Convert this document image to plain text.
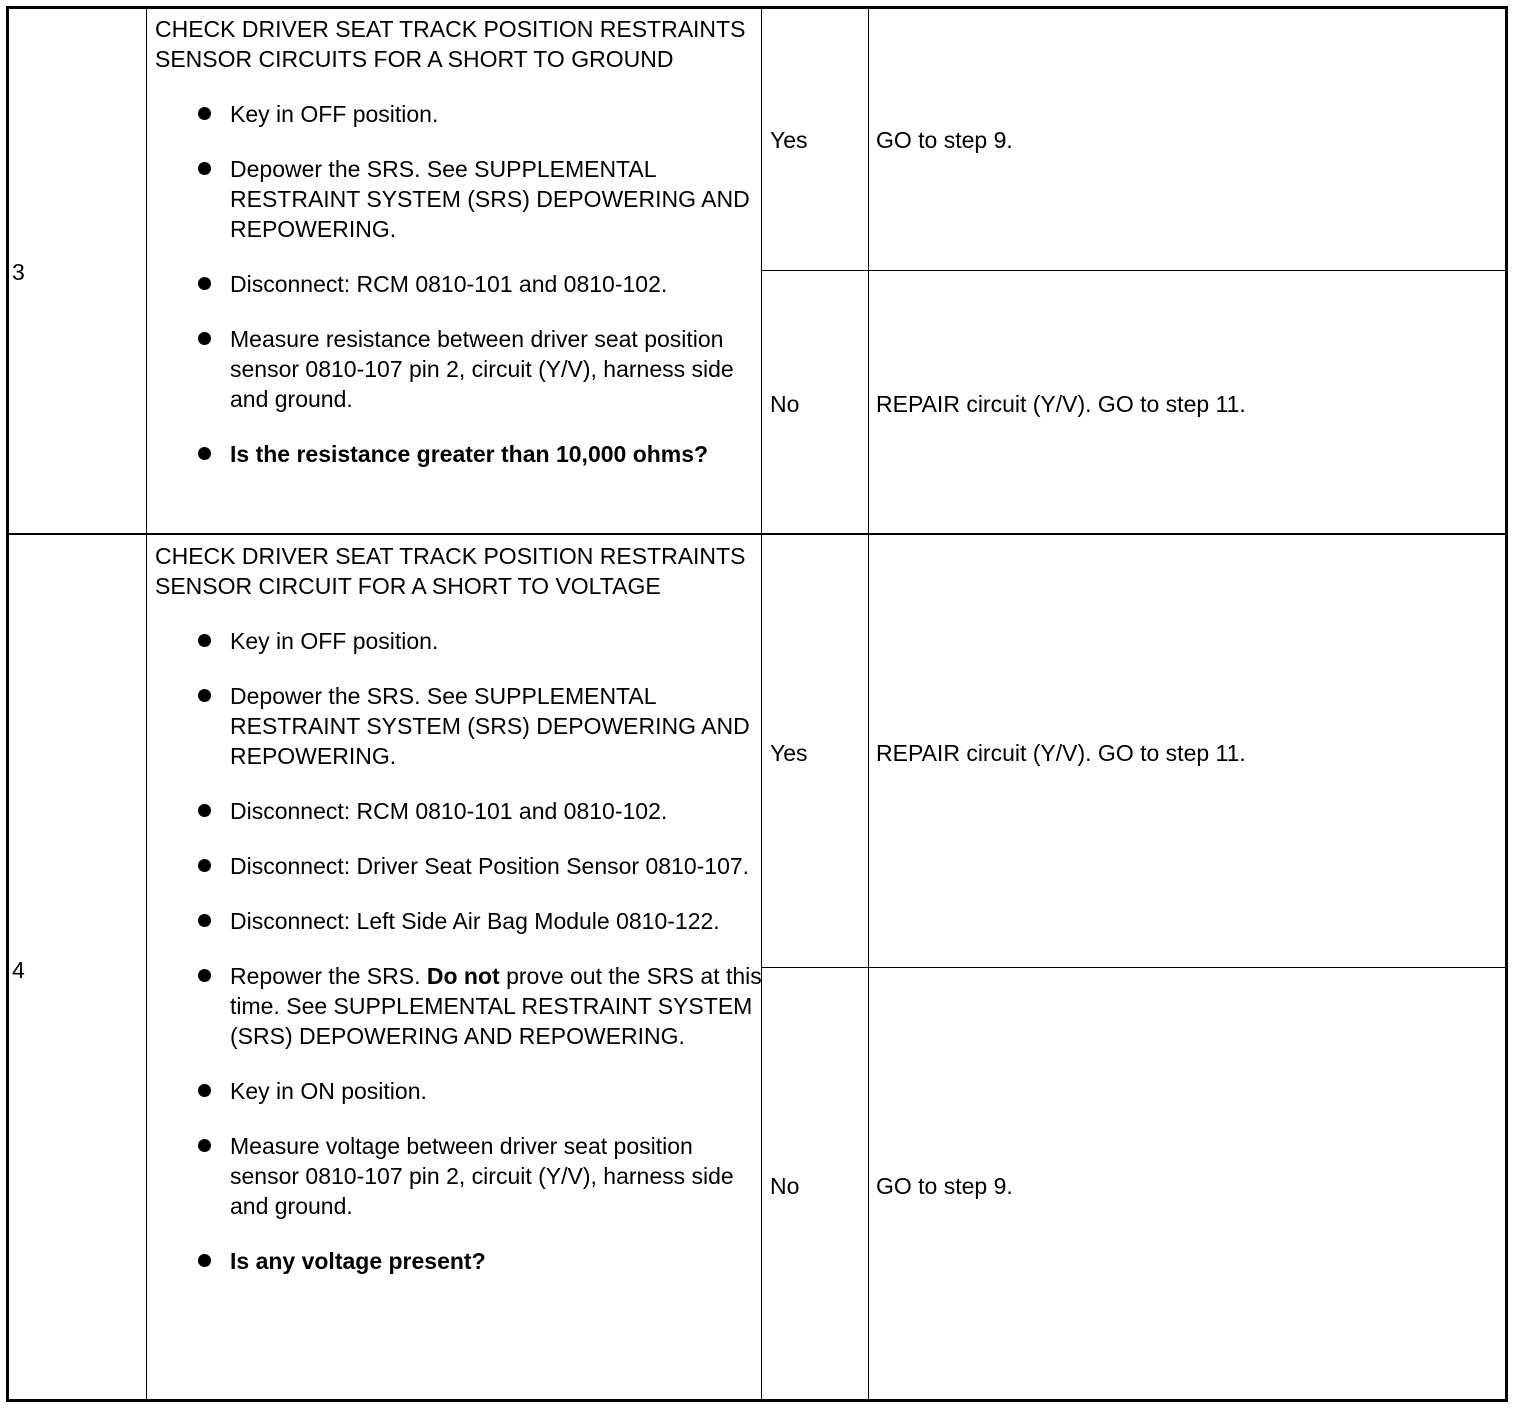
3
CHECK DRIVER SEAT TRACK POSITION RESTRAINTS SENSOR CIRCUITS FOR A SHORT TO GROUND
Key in OFF position.
Depower the SRS. See SUPPLEMENTAL RESTRAINT SYSTEM (SRS) DEPOWERING AND REPOWERING.
Disconnect: RCM 0810-101 and 0810-102.
Measure resistance between driver seat position sensor 0810-107 pin 2, circuit (Y/V), harness side and ground.
Is the resistance greater than 10,000 ohms?
Yes	GO to step 9.
No	REPAIR circuit (Y/V). GO to step 11.
4
CHECK DRIVER SEAT TRACK POSITION RESTRAINTS SENSOR CIRCUIT FOR A SHORT TO VOLTAGE
Key in OFF position.
Depower the SRS. See SUPPLEMENTAL RESTRAINT SYSTEM (SRS) DEPOWERING AND REPOWERING.
Disconnect: RCM 0810-101 and 0810-102.
Disconnect: Driver Seat Position Sensor 0810-107.
Disconnect: Left Side Air Bag Module 0810-122.
Repower the SRS. Do not prove out the SRS at this time. See SUPPLEMENTAL RESTRAINT SYSTEM (SRS) DEPOWERING AND REPOWERING.
Key in ON position.
Measure voltage between driver seat position sensor 0810-107 pin 2, circuit (Y/V), harness side and ground.
Is any voltage present?
Yes	REPAIR circuit (Y/V). GO to step 11.
No	GO to step 9.
